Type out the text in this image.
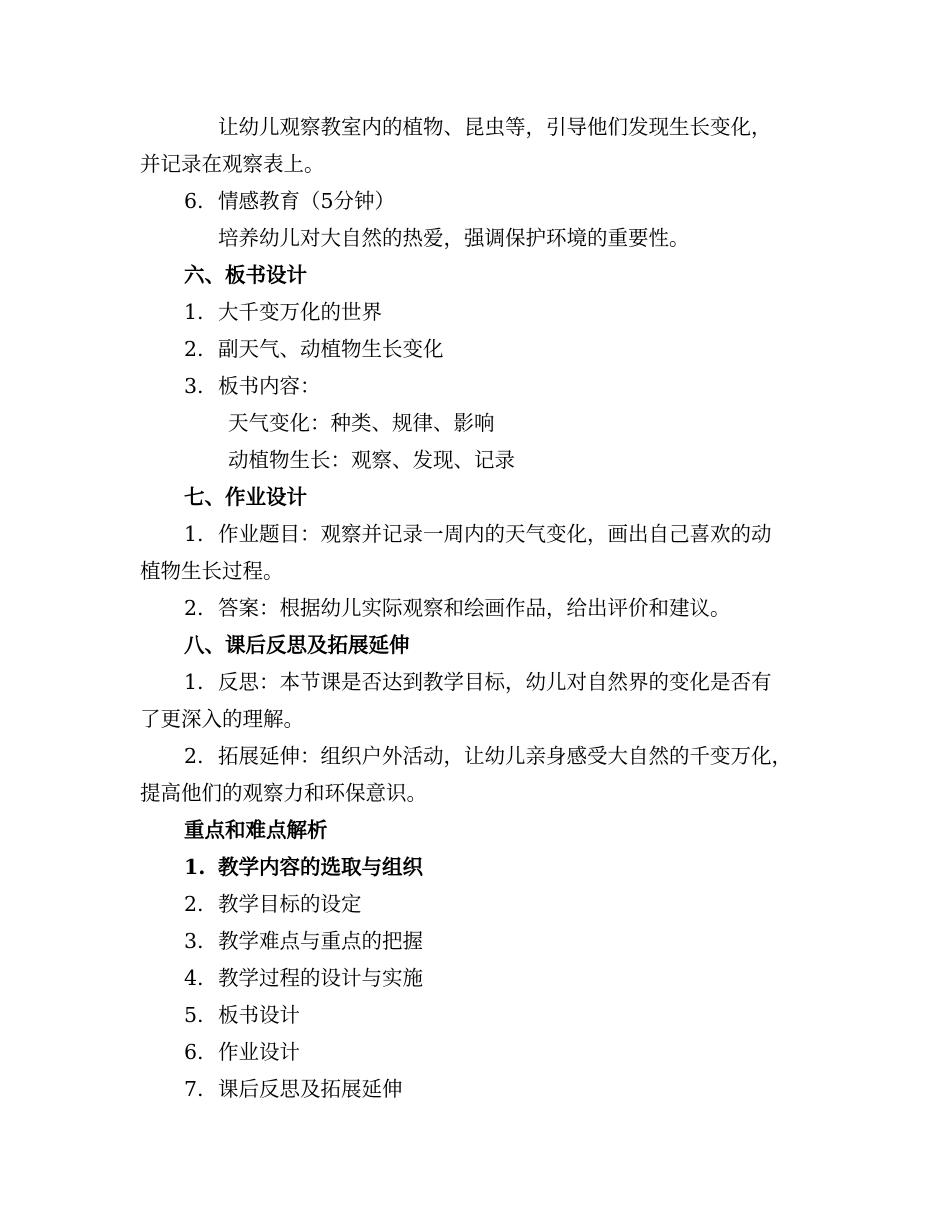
让幼儿观察教室内的植物、昆虫等，引导他们发现生长变化，
并记录在观察表上。
6. 情感教育（5分钟）
培养幼儿对大自然的热爱，强调保护环境的重要性。
六、板书设计
1. 大千变万化的世界
2. 副天气、动植物生长变化
3. 板书内容：
天气变化：种类、规律、影响
动植物生长：观察、发现、记录
七、作业设计
1. 作业题目：观察并记录一周内的天气变化，画出自己喜欢的动
植物生长过程。
2. 答案：根据幼儿实际观察和绘画作品，给出评价和建议。
八、课后反思及拓展延伸
1. 反思：本节课是否达到教学目标，幼儿对自然界的变化是否有
了更深入的理解。
2. 拓展延伸：组织户外活动，让幼儿亲身感受大自然的千变万化，
提高他们的观察力和环保意识。
重点和难点解析
1. 教学内容的选取与组织
2. 教学目标的设定
3. 教学难点与重点的把握
4. 教学过程的设计与实施
5. 板书设计
6. 作业设计
7. 课后反思及拓展延伸
